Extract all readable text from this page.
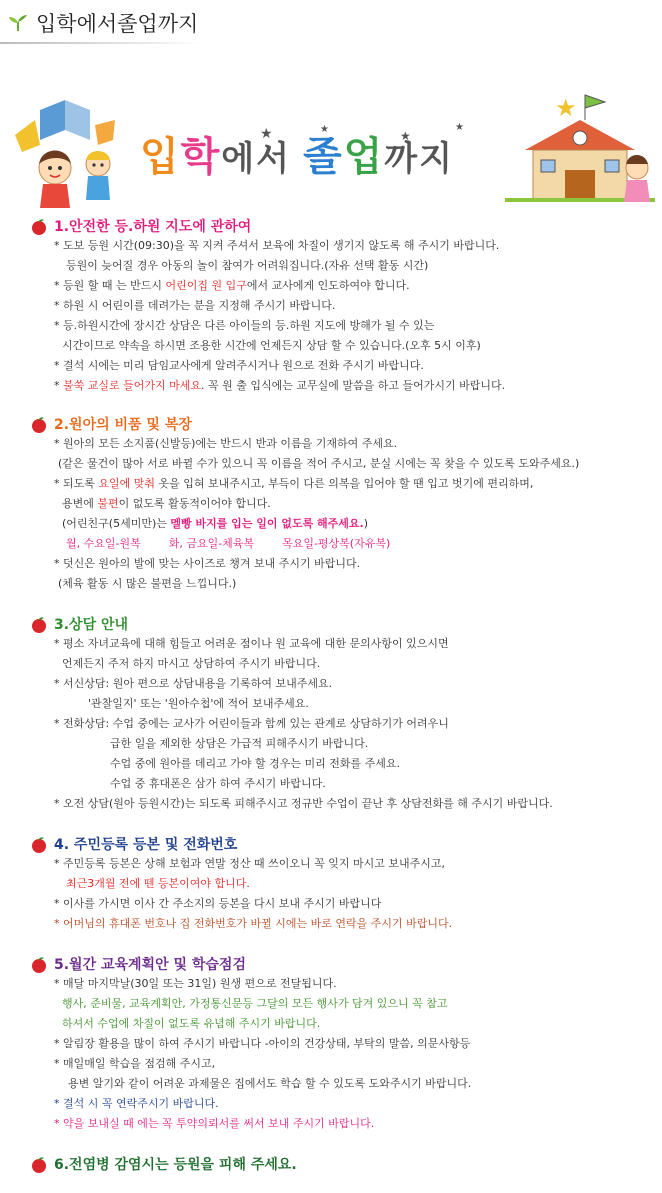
입학에서졸업까지
입학에서 졸업까지
★	★	★
★
★
1.안전한 등.하원 지도에 관하여
* 도보 등원 시간(09:30)을 꼭 지켜 주셔서 보육에 차질이 생기지 않도록 해 주시기 바랍니다.
등원이 늦어질 경우 아동의 놀이 참여가 어려워집니다.(자유 선택 활동 시간)
* 등원 할 때 는 반드시 어린이집 원 입구에서 교사에게 인도하여야 합니다.
* 하원 시 어린이를 데려가는 분을 지정해 주시기 바랍니다.
* 등.하원시간에 장시간 상담은 다른 아이들의 등.하원 지도에 방해가 될 수 있는
시간이므로 약속을 하시면 조용한 시간에 언제든지 상담 할 수 있습니다.(오후 5시 이후)
* 결석 시에는 미리 담임교사에게 알려주시거나 원으로 전화 주시기 바랍니다.
* 불쑥 교실로 들어가지 마세요. 꼭 원 출 입식에는 교무실에 말씀을 하고 들어가시기 바랍니다.
2.원아의 비품 및 복장
* 원아의 모든 소지품(신발등)에는 반드시 반과 이름을 기재하여 주세요.
(같은 물건이 많아 서로 바뀔 수가 있으니 꼭 이름을 적어 주시고, 분실 시에는 꼭 찾을 수 있도록 도와주세요.)
* 되도록 요일에 맞춰 옷을 입혀 보내주시고, 부득이 다른 의복을 입어야 할 땐 입고 벗기에 편리하며,
용변에 불편이 없도록 활동적이어야 합니다.
(어린친구(5세미만)는 멜빵 바지를 입는 일이 없도록 해주세요.)
월, 수요일-원복	화, 금요일-체육복	목요일-평상복(자유복)
* 덧신은 원아의 발에 맞는 사이즈로 챙겨 보내 주시기 바랍니다.
(체육 활동 시 많은 불편을 느낍니다.)
3.상담 안내
* 평소 자녀교육에 대해 힘들고 어려운 점이나 원 교육에 대한 문의사항이 있으시면
언제든지 주저 하지 마시고 상담하여 주시기 바랍니다.
* 서신상담: 원아 편으로 상담내용을 기록하여 보내주세요.
'관찰일지' 또는 '원아수첩'에 적어 보내주세요.
* 전화상담: 수업 중에는 교사가 어린이들과 함께 있는 관계로 상담하기가 어려우니
급한 일을 제외한 상담은 가급적 피해주시기 바랍니다.
수업 중에 원아를 데리고 가야 할 경우는 미리 전화를 주세요.
수업 중 휴대폰은 삼가 하여 주시기 바랍니다.
* 오전 상담(원아 등원시간)는 되도록 피해주시고 정규반 수업이 끝난 후 상담전화를 해 주시기 바랍니다.
4. 주민등록 등본 및 전화번호
* 주민등록 등본은 상해 보험과 연말 정산 때 쓰이오니 꼭 잊지 마시고 보내주시고,
최근3개월 전에 뗀 등본이여야 합니다.
* 이사를 가시면 이사 간 주소지의 등본을 다시 보내 주시기 바랍니다
* 어머님의 휴대폰 번호나 집 전화번호가 바뀔 시에는 바로 연락을 주시기 바랍니다.
5.월간 교육계획안 및 학습점검
* 매달 마지막날(30일 또는 31일) 원생 편으로 전달됩니다.
행사, 준비물, 교육계획안, 가정통신문등 그달의 모든 행사가 담겨 있으니 꼭 참고
하셔서 수업에 차질이 없도록 유념해 주시기 바랍니다.
* 알림장 활용을 많이 하여 주시기 바랍니다 -아이의 건강상태, 부탁의 말씀, 의문사항등
* 매일매일 학습을 점검해 주시고,
용변 알기와 같이 어려운 과제물은 집에서도 학습 할 수 있도록 도와주시기 바랍니다.
* 결석 시 꼭 연락주시기 바랍니다.
* 약을 보내실 때 에는 꼭 투약의뢰서를 써서 보내 주시기 바랍니다.
6.전염병 감염시는 등원을 피해 주세요.
